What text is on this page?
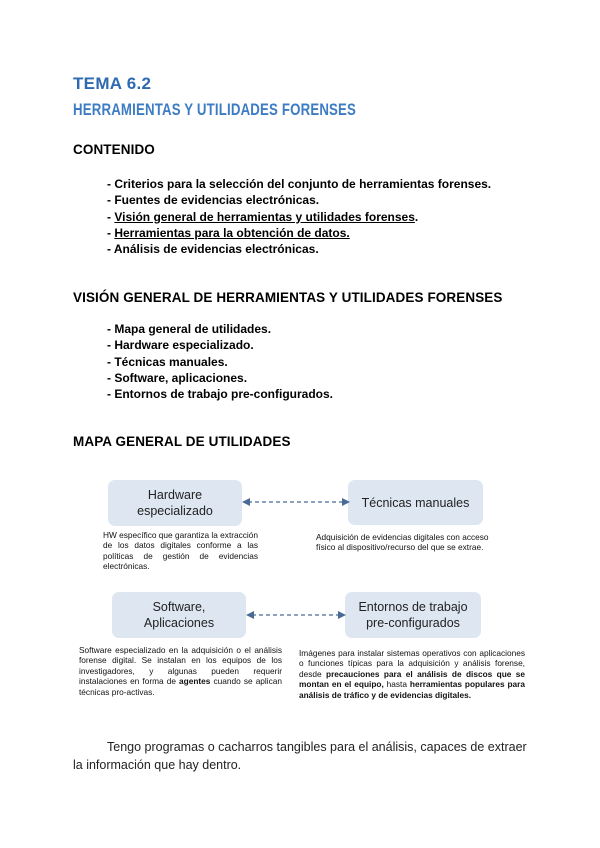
TEMA 6.2
HERRAMIENTAS Y UTILIDADES FORENSES
CONTENIDO
- Criterios para la selección del conjunto de herramientas forenses.
- Fuentes de evidencias electrónicas.
- Visión general de herramientas y utilidades forenses.
- Herramientas para la obtención de datos.
- Análisis de evidencias electrónicas.
VISIÓN GENERAL DE HERRAMIENTAS Y UTILIDADES FORENSES
- Mapa general de utilidades.
- Hardware especializado.
- Técnicas manuales.
- Software, aplicaciones.
- Entornos de trabajo pre-configurados.
MAPA GENERAL DE UTILIDADES
Hardware especializado
Técnicas manuales
Software, Aplicaciones
Entornos de trabajo pre-configurados
HW específico que garantiza la extracción de los datos digitales conforme a las políticas de gestión de evidencias electrónicas.
Adquisición de evidencias digitales con acceso físico al dispositivo/recurso del que se extrae.
Software especializado en la adquisición o el análisis forense digital. Se instalan en los equipos de los investigadores, y algunas pueden requerir instalaciones en forma de agentes cuando se aplican técnicas pro-activas.
Imágenes para instalar sistemas operativos con aplicaciones o funciones típicas para la adquisición y análisis forense, desde precauciones para el análisis de discos que se montan en el equipo, hasta herramientas populares para análisis de tráfico y de evidencias digitales.
Tengo programas o cacharros tangibles para el análisis, capaces de extraer la información que hay dentro.
